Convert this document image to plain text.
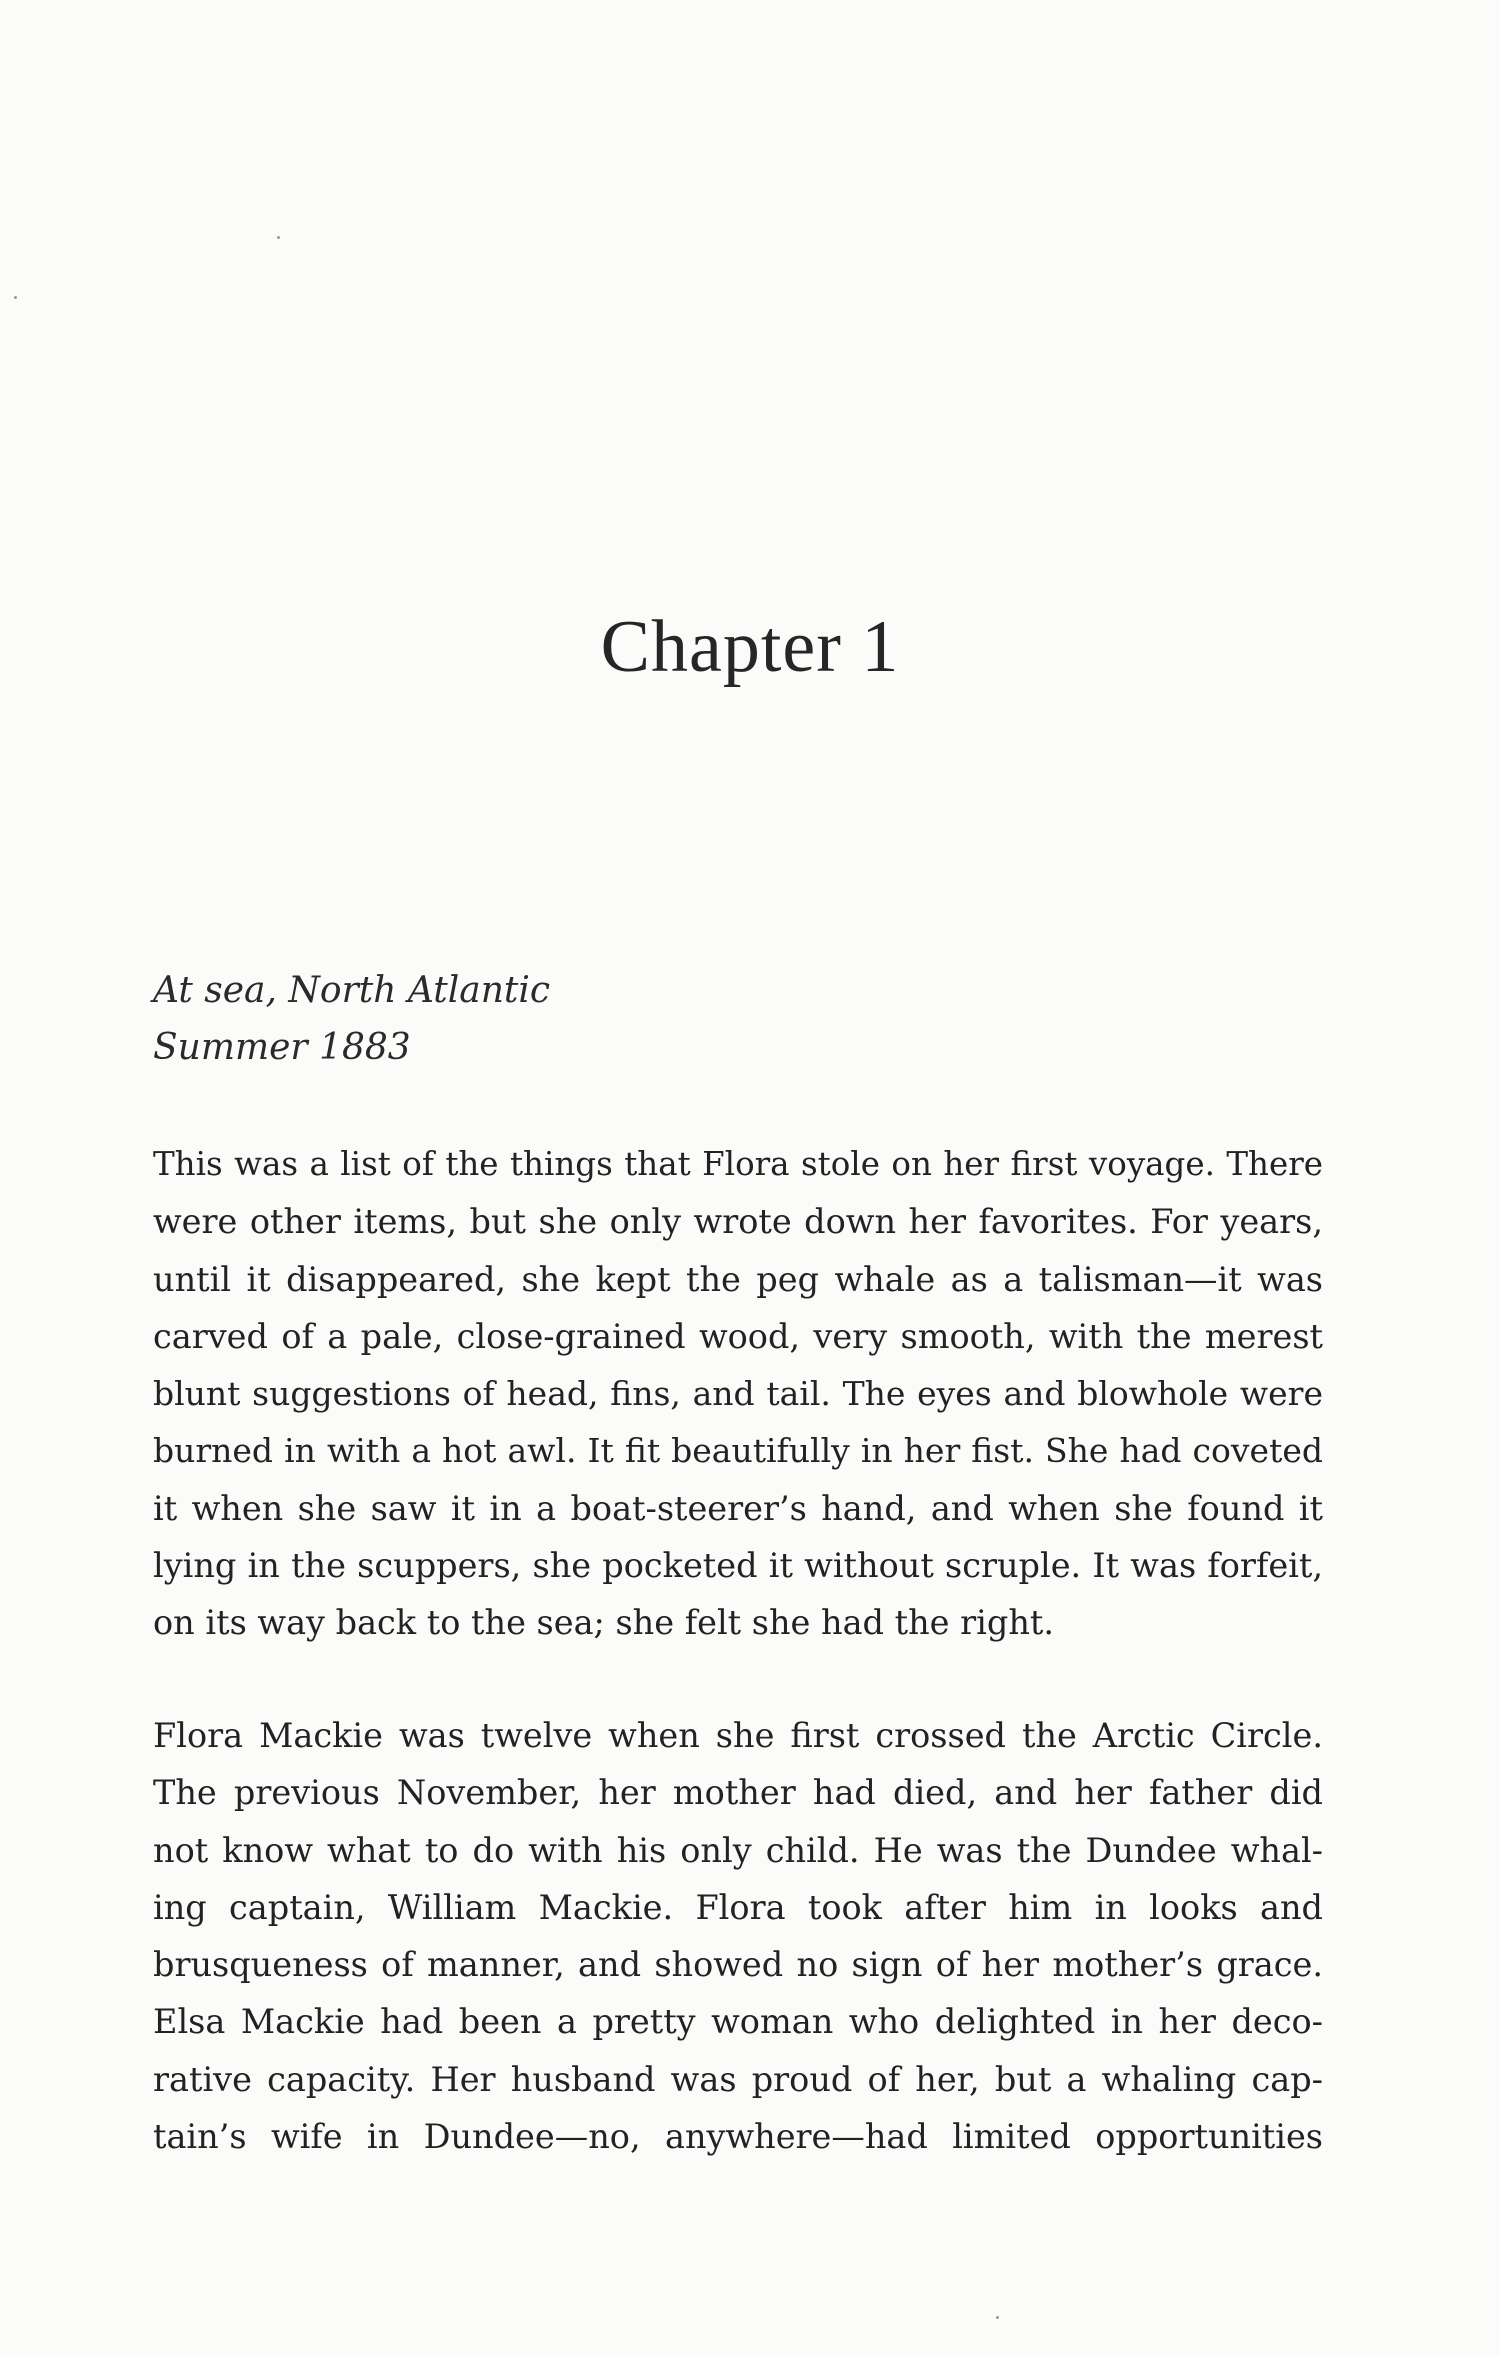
Chapter 1
At sea, North Atlantic
Summer 1883
This was a list of the things that Flora stole on her first voyage. There
were other items, but she only wrote down her favorites. For years,
until it disappeared, she kept the peg whale as a talisman—it was
carved of a pale, close-grained wood, very smooth, with the merest
blunt suggestions of head, fins, and tail. The eyes and blowhole were
burned in with a hot awl. It fit beautifully in her fist. She had coveted
it when she saw it in a boat-steerer’s hand, and when she found it
lying in the scuppers, she pocketed it without scruple. It was forfeit,
on its way back to the sea; she felt she had the right.
Flora Mackie was twelve when she first crossed the Arctic Circle.
The previous November, her mother had died, and her father did
not know what to do with his only child. He was the Dundee whal-
ing captain, William Mackie. Flora took after him in looks and
brusqueness of manner, and showed no sign of her mother’s grace.
Elsa Mackie had been a pretty woman who delighted in her deco-
rative capacity. Her husband was proud of her, but a whaling cap-
tain’s wife in Dundee—no, anywhere—had limited opportunities
